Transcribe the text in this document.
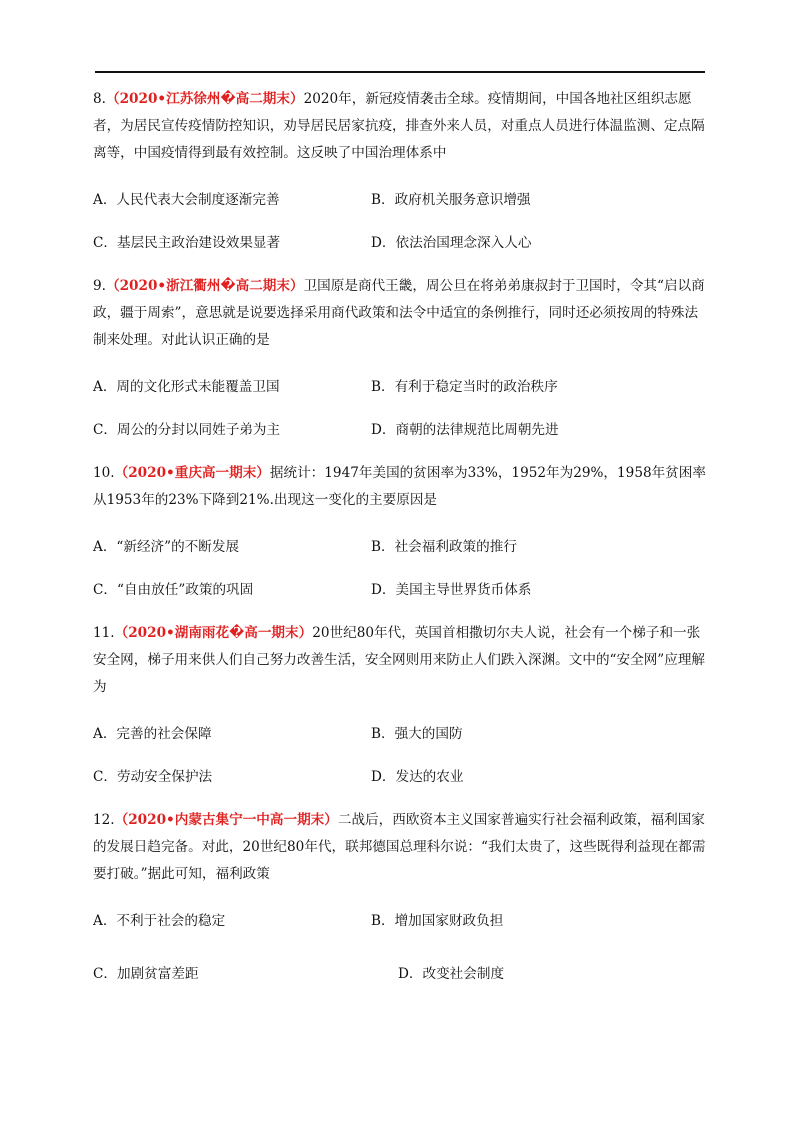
8.（2020•江苏徐州�高二期末）2020年，新冠疫情袭击全球。疫情期间，中国各地社区组织志愿者，为居民宣传疫情防控知识，劝导居民居家抗疫，排查外来人员，对重点人员进行体温监测、定点隔离等，中国疫情得到最有效控制。这反映了中国治理体系中

A．人民代表大会制度逐渐完善	B．政府机关服务意识增强
C．基层民主政治建设效果显著	D．依法治国理念深入人心

9.（2020•浙江衢州�高二期末）卫国原是商代王畿，周公旦在将弟弟康叔封于卫国时，令其“启以商政，疆于周索”，意思就是说要选择采用商代政策和法令中适宜的条例推行，同时还必须按周的特殊法制来处理。对此认识正确的是

A．周的文化形式未能覆盖卫国	B．有利于稳定当时的政治秩序
C．周公的分封以同姓子弟为主	D．商朝的法律规范比周朝先进

10.（2020•重庆高一期末）据统计：1947年美国的贫困率为33%，1952年为29%，1958年贫困率从1953年的23%下降到21%.出现这一变化的主要原因是

A．“新经济”的不断发展	B．社会福利政策的推行
C．“自由放任”政策的巩固	D．美国主导世界货币体系

11.（2020•湖南雨花�高一期末）20世纪80年代，英国首相撒切尔夫人说，社会有一个梯子和一张安全网，梯子用来供人们自己努力改善生活，安全网则用来防止人们跌入深渊。文中的“安全网”应理解为

A．完善的社会保障	B．强大的国防
C．劳动安全保护法	D．发达的农业

12.（2020•内蒙古集宁一中高一期末）二战后，西欧资本主义国家普遍实行社会福利政策，福利国家的发展日趋完备。对此，20世纪80年代，联邦德国总理科尔说：“我们太贵了，这些既得利益现在都需要打破。”据此可知，福利政策

A．不利于社会的稳定	B．增加国家财政负担
C．加剧贫富差距	D．改变社会制度
